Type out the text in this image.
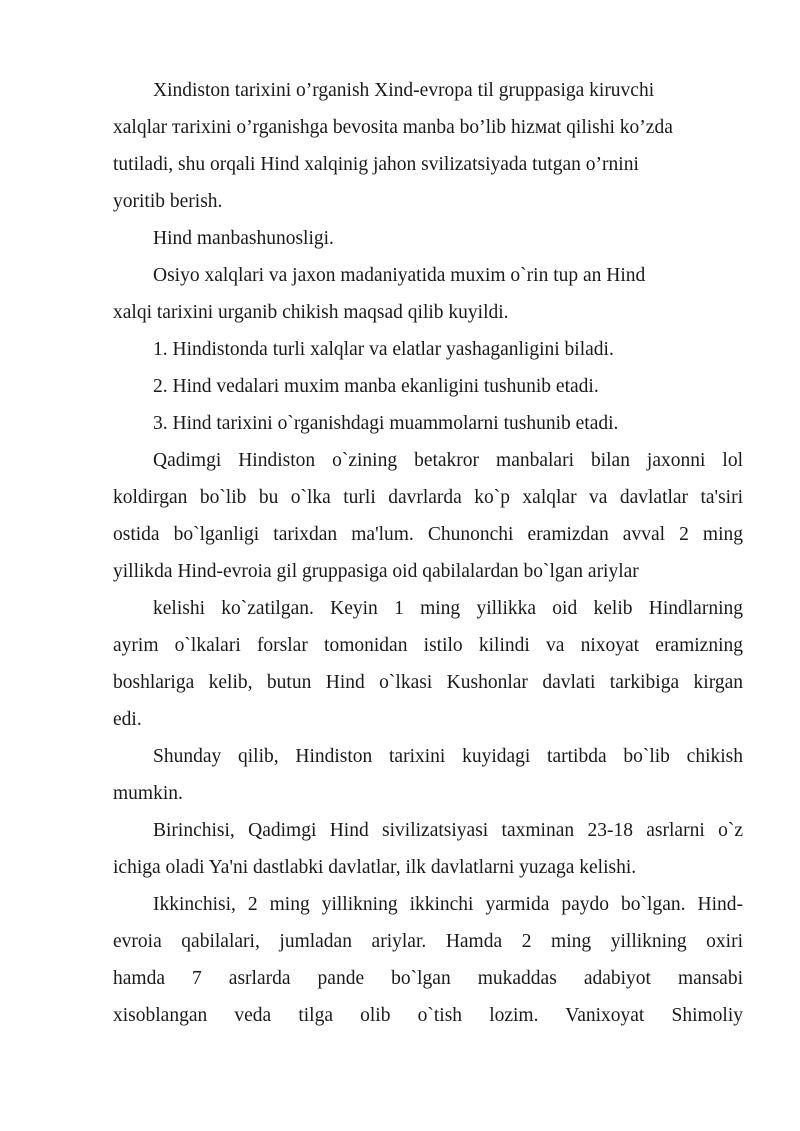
Xindiston tarixini o’rganish Xind-evropa til gruppasiga kiruvchi
xalqlar тarixini o’rganishga bevosita manba bo’lib hizмat qilishi ko’zda
tutiladi, shu orqali Hind xalqinig jahon svilizatsiyada tutgan o’rnini
yoritib berish.
Hind manbashunosligi.
Osiyo xalqlari va jaxon madaniyatida muxim o`rin tup an Hind
xalqi tarixini urganib chikish maqsad qilib kuyildi.
1. Hindistonda turli xalqlar va elatlar yashaganligini biladi.
2. Hind vedalari muxim manba ekanligini tushunib etadi.
3. Hind tarixini o`rganishdagi muammolarni tushunib etadi.
Qadimgi Hindiston o`zining betakror manbalari bilan jaxonni lol
koldirgan bo`lib bu o`lka turli davrlarda ko`p xalqlar va davlatlar ta'siri
ostida bo`lganligi tarixdan ma'lum. Chunonchi eramizdan avval 2 ming
yillikda Hind-evroia gil gruppasiga oid qabilalardan bo`lgan ariylar
kelishi ko`zatilgan. Keyin 1 ming yillikka oid kelib Hindlarning
ayrim o`lkalari forslar tomonidan istilo kilindi va nixoyat eramizning
boshlariga kelib, butun Hind o`lkasi Kushonlar davlati tarkibiga kirgan
edi.
Shunday qilib, Hindiston tarixini kuyidagi tartibda bo`lib chikish
mumkin.
Birinchisi, Qadimgi Hind sivilizatsiyasi taxminan 23-18 asrlarni o`z
ichiga oladi Ya'ni dastlabki davlatlar, ilk davlatlarni yuzaga kelishi.
Ikkinchisi, 2 ming yillikning ikkinchi yarmida paydo bo`lgan. Hind-
evroia qabilalari, jumladan ariylar. Hamda 2 ming yillikning oxiri
hamda 7 asrlarda pande bo`lgan mukaddas adabiyot mansabi
xisoblangan veda tilga olib o`tish lozim. Vanixoyat Shimoliy
